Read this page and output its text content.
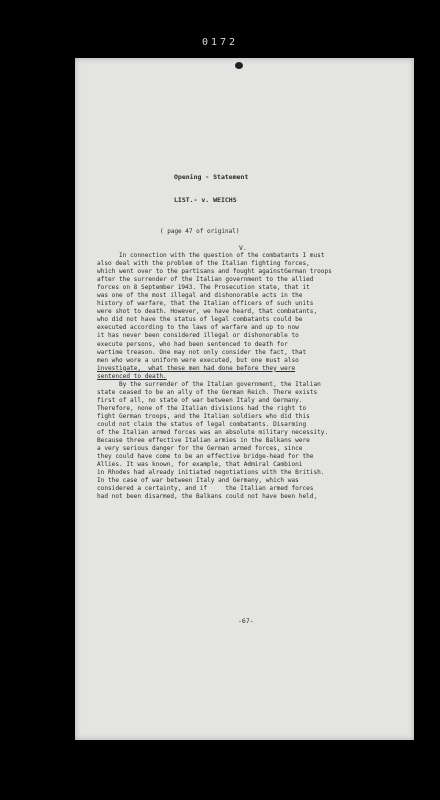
0172

Opening - Statement

LIST.- v. WEICHS

( page 47 of original)
V.
In connection with the question of the combatants I must
also deal with the problem of the Italian fighting forces,
which went over to the partisans and fought againstGerman troops
after the surrender of the Italian government to the allied
forces on 8 September 1943. The Prosecution state, that it
was one of the most illegal and dishonorable acts in the
history of warfare, that the Italian officers of such units
were shot to death. However, we have heard, that combatants,
who did not have the status of legal combatants could be
executed according to the laws of warfare and up to now
it has never been considered illegal or dishonorable to
execute persons, who had been sentenced to death for
wartime treason. One may not only consider the fact, that
men who wore a uniform were executed, but one must also
investigate,  what these men had done before they were
sentenced to death.
By the surrender of the Italian government, the Italian
state ceased to be an ally of the German Reich. There exists
first of all, no state of war between Italy and Germany.
Therefore, none of the Italian divisions had the right to
fight German troops, and the Italian soldiers who did this
could not claim the status of legal combatants. Disarming
of the Italian armed forces was an absolute military necessity.
Because three effective Italian armies in the Balkans were
a very serious danger for the German armed forces, since
they could have come to be an effective bridge-head for the
Allies. It was known, for example, that Admiral Cambioni
in Rhodes had already initiated negotiations with the British.
In the case of war between Italy and Germany, which was
considered a certainty, and if     the Italian armed forces
had not been disarmed, the Balkans could not have been held,
-67-
